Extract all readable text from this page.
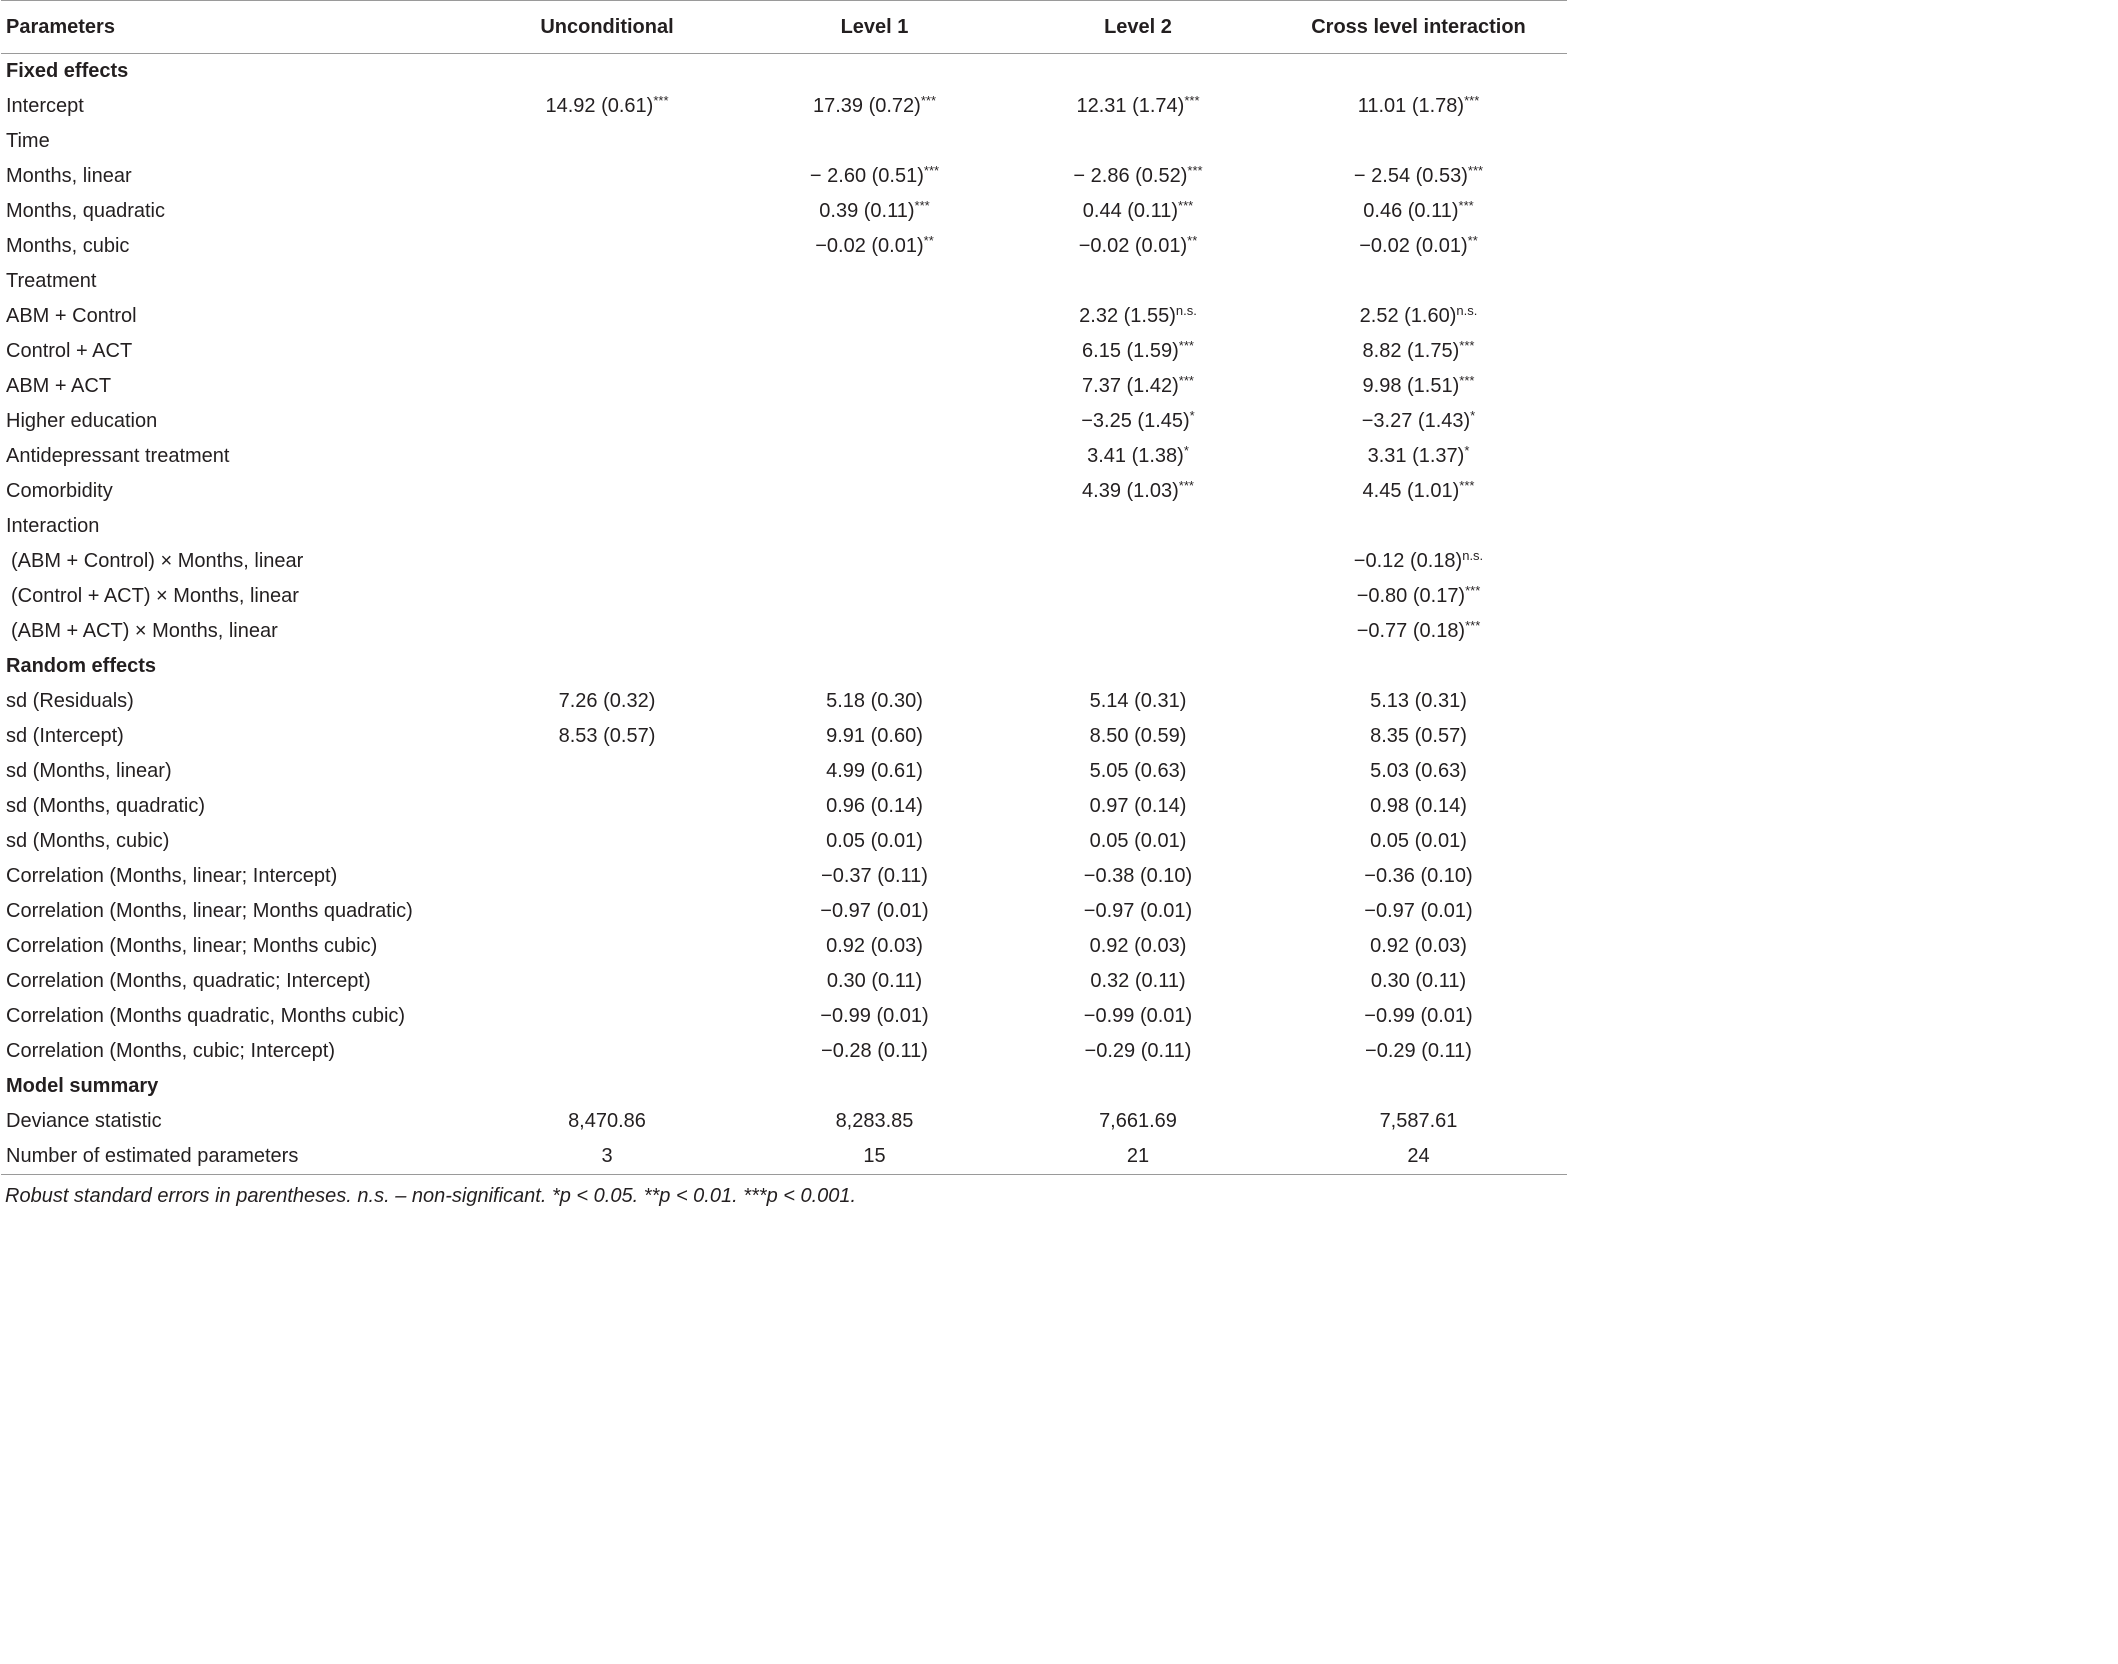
Parameters	Unconditional	Level 1	Level 2	Cross level interaction
Fixed effects				
Intercept	14.92 (0.61)***	17.39 (0.72)***	12.31 (1.74)***	11.01 (1.78)***
Time				
Months, linear		− 2.60 (0.51)***	− 2.86 (0.52)***	− 2.54 (0.53)***
Months, quadratic		0.39 (0.11)***	0.44 (0.11)***	0.46 (0.11)***
Months, cubic		−0.02 (0.01)**	−0.02 (0.01)**	−0.02 (0.01)**
Treatment				
ABM + Control			2.32 $(1.55)^{n.s.}$	2.52 $(1.60)^{n.s.}$
Control + ACT			6.15 (1.59)***	8.82 (1.75)***
ABM + ACT			7.37 (1.42)***	9.98 (1.51)***
Higher education			−3.25 (1.45)*	−3.27 (1.43)*
Antidepressant treatment			3.41 (1.38)*	3.31 (1.37)*
Comorbidity			4.39 (1.03)***	4.45 (1.01)***
Interaction				
(ABM + Control) × Months, linear				−0.12 $(0.18)^{n.s.}$
(Control + ACT) × Months, linear				−0.80 (0.17)***
(ABM + ACT) × Months, linear				−0.77 (0.18)***
Random effects				
sd (Residuals)	7.26 (0.32)	5.18 (0.30)	5.14 (0.31)	5.13 (0.31)
sd (Intercept)	8.53 (0.57)	9.91 (0.60)	8.50 (0.59)	8.35 (0.57)
sd (Months, linear)		4.99 (0.61)	5.05 (0.63)	5.03 (0.63)
sd (Months, quadratic)		0.96 (0.14)	0.97 (0.14)	0.98 (0.14)
sd (Months, cubic)		0.05 (0.01)	0.05 (0.01)	0.05 (0.01)
Correlation (Months, linear; Intercept)		−0.37 (0.11)	−0.38 (0.10)	−0.36 (0.10)
Correlation (Months, linear; Months quadratic)		−0.97 (0.01)	−0.97 (0.01)	−0.97 (0.01)
Correlation (Months, linear; Months cubic)		0.92 (0.03)	0.92 (0.03)	0.92 (0.03)
Correlation (Months, quadratic; Intercept)		0.30 (0.11)	0.32 (0.11)	0.30 (0.11)
Correlation (Months quadratic, Months cubic)		−0.99 (0.01)	−0.99 (0.01)	−0.99 (0.01)
Correlation (Months, cubic; Intercept)		−0.28 (0.11)	−0.29 (0.11)	−0.29 (0.11)
Model summary				
Deviance statistic	8,470.86	8,283.85	7,661.69	7,587.61
Number of estimated parameters	3	15	21	24
Robust standard errors in parentheses. n.s. – non-significant. *p < 0.05. **p < 0.01. ***p < 0.001.
